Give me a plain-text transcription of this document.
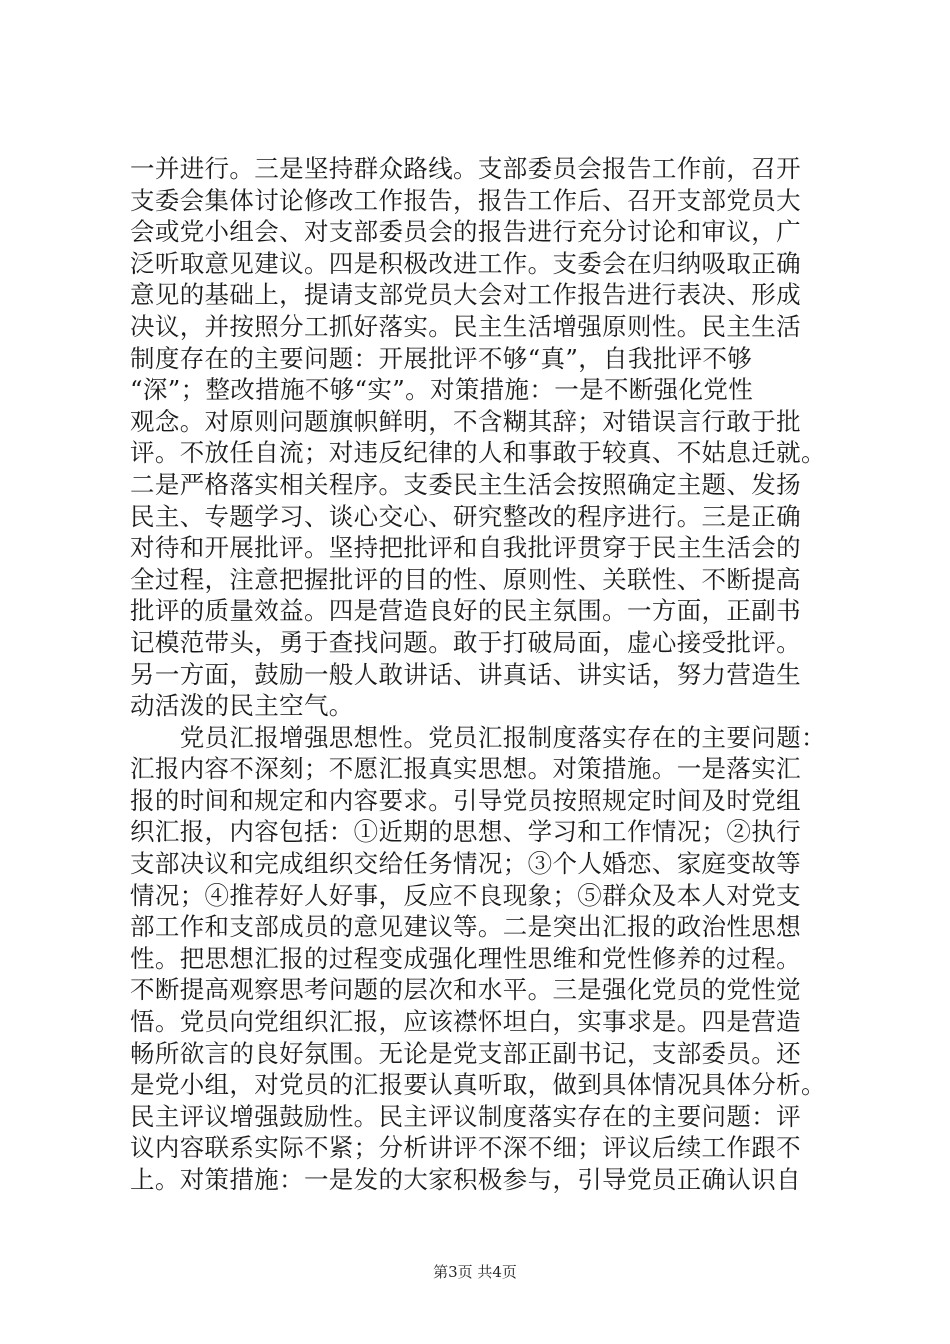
一并进行。三是坚持群众路线。支部委员会报告工作前，召开
支委会集体讨论修改工作报告，报告工作后、召开支部党员大
会或党小组会、对支部委员会的报告进行充分讨论和审议，广
泛听取意见建议。四是积极改进工作。支委会在归纳吸取正确
意见的基础上，提请支部党员大会对工作报告进行表决、形成
决议，并按照分工抓好落实。民主生活增强原则性。民主生活
制度存在的主要问题：开展批评不够“真”，自我批评不够
“深”；整改措施不够“实”。对策措施：一是不断强化党性
观念。对原则问题旗帜鲜明，不含糊其辞；对错误言行敢于批
评。不放任自流；对违反纪律的人和事敢于较真、不姑息迁就。
二是严格落实相关程序。支委民主生活会按照确定主题、发扬
民主、专题学习、谈心交心、研究整改的程序进行。三是正确
对待和开展批评。坚持把批评和自我批评贯穿于民主生活会的
全过程，注意把握批评的目的性、原则性、关联性、不断提高
批评的质量效益。四是营造良好的民主氛围。一方面，正副书
记模范带头，勇于查找问题。敢于打破局面，虚心接受批评。
另一方面，鼓励一般人敢讲话、讲真话、讲实话，努力营造生
动活泼的民主空气。
　　党员汇报增强思想性。党员汇报制度落实存在的主要问题：
汇报内容不深刻；不愿汇报真实思想。对策措施。一是落实汇
报的时间和规定和内容要求。引导党员按照规定时间及时党组
织汇报，内容包括：①近期的思想、学习和工作情况；②执行
支部决议和完成组织交给任务情况；③个人婚恋、家庭变故等
情况；④推荐好人好事，反应不良现象；⑤群众及本人对党支
部工作和支部成员的意见建议等。二是突出汇报的政治性思想
性。把思想汇报的过程变成强化理性思维和党性修养的过程。
不断提高观察思考问题的层次和水平。三是强化党员的党性觉
悟。党员向党组织汇报，应该襟怀坦白，实事求是。四是营造
畅所欲言的良好氛围。无论是党支部正副书记，支部委员。还
是党小组，对党员的汇报要认真听取，做到具体情况具体分析。
民主评议增强鼓励性。民主评议制度落实存在的主要问题：评
议内容联系实际不紧；分析讲评不深不细；评议后续工作跟不
上。对策措施：一是发的大家积极参与，引导党员正确认识自
第3页 共4页
